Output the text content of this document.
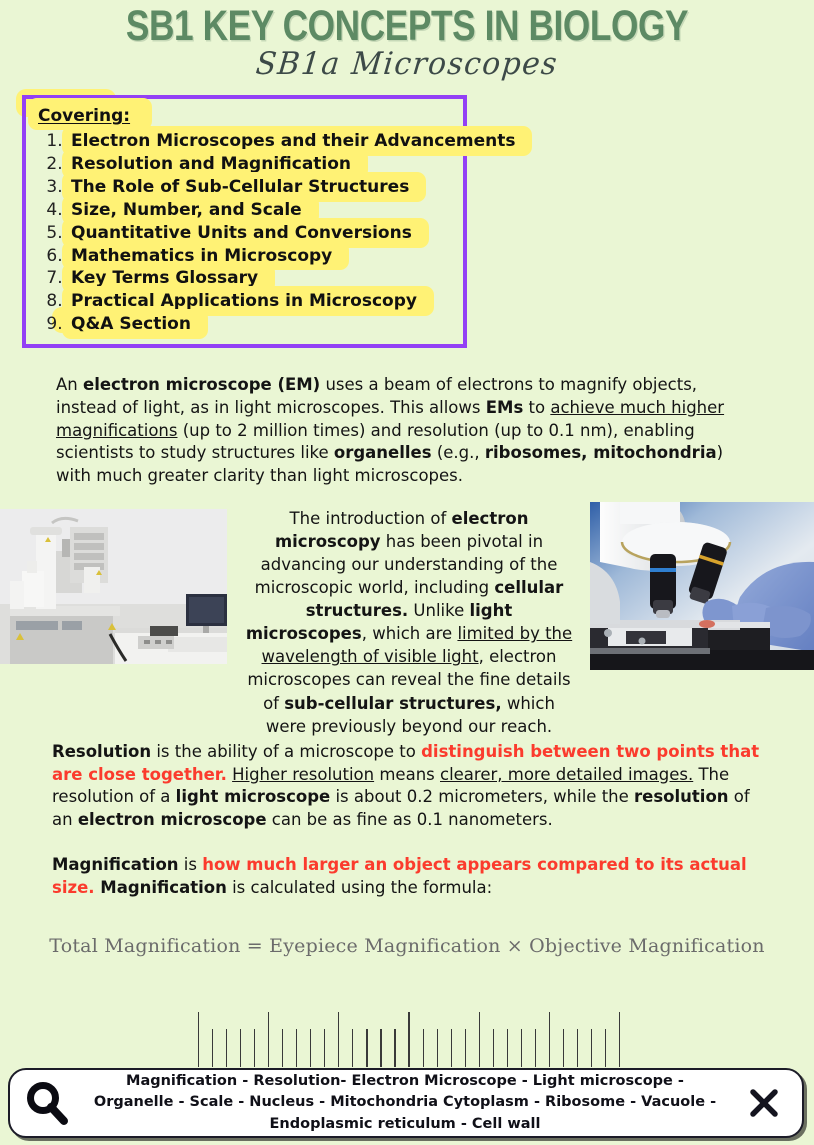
SB1 KEY CONCEPTS IN BIOLOGY
SB1a Microscopes
Covering:
1. Electron Microscopes and their Advancements
2. Resolution and Magnification
3. The Role of Sub-Cellular Structures
4. Size, Number, and Scale
5. Quantitative Units and Conversions
6. Mathematics in Microscopy
7. Key Terms Glossary
8. Practical Applications in Microscopy
9. Q&A Section

An electron microscope (EM) uses a beam of electrons to magnify objects, instead of light, as in light microscopes. This allows EMs to achieve much higher magnifications (up to 2 million times) and resolution (up to 0.1 nm), enabling scientists to study structures like organelles (e.g., ribosomes, mitochondria) with much greater clarity than light microscopes.

The introduction of electron microscopy has been pivotal in advancing our understanding of the microscopic world, including cellular structures. Unlike light microscopes, which are limited by the wavelength of visible light, electron microscopes can reveal the fine details of sub-cellular structures, which were previously beyond our reach.

Resolution is the ability of a microscope to distinguish between two points that are close together. Higher resolution means clearer, more detailed images. The resolution of a light microscope is about 0.2 micrometers, while the resolution of an electron microscope can be as fine as 0.1 nanometers.

Magnification is how much larger an object appears compared to its actual size. Magnification is calculated using the formula:

Total Magnification = Eyepiece Magnification × Objective Magnification
Magnification - Resolution- Electron Microscope - Light microscope - Organelle - Scale - Nucleus - Mitochondria Cytoplasm - Ribosome - Vacuole - Endoplasmic reticulum - Cell wall
